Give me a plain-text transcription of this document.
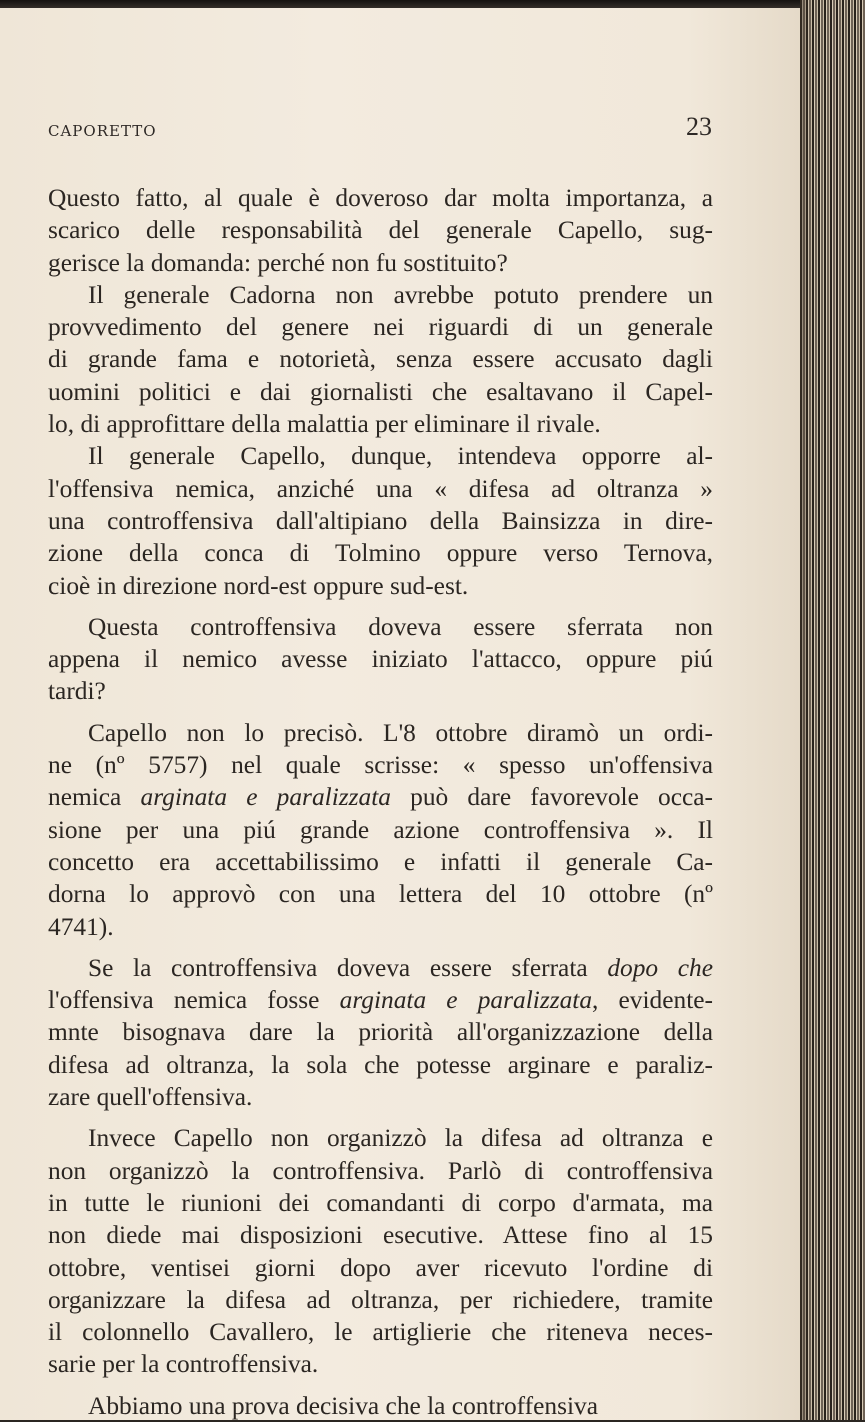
CAPORETTO	23
Questo fatto, al quale è doveroso dar molta importanza, a
scarico delle responsabilità del generale Capello, sug-
gerisce la domanda: perché non fu sostituito?
Il generale Cadorna non avrebbe potuto prendere un
provvedimento del genere nei riguardi di un generale
di grande fama e notorietà, senza essere accusato dagli
uomini politici e dai giornalisti che esaltavano il Capel-
lo, di approfittare della malattia per eliminare il rivale.
Il generale Capello, dunque, intendeva opporre al-
l'offensiva nemica, anziché una « difesa ad oltranza »
una controffensiva dall'altipiano della Bainsizza in dire-
zione della conca di Tolmino oppure verso Ternova,
cioè in direzione nord-est oppure sud-est.
Questa controffensiva doveva essere sferrata non
appena il nemico avesse iniziato l'attacco, oppure piú
tardi?
Capello non lo precisò. L'8 ottobre diramò un ordi-
ne (nº 5757) nel quale scrisse: « spesso un'offensiva
nemica arginata e paralizzata può dare favorevole occa-
sione per una piú grande azione controffensiva ». Il
concetto era accettabilissimo e infatti il generale Ca-
dorna lo approvò con una lettera del 10 ottobre (nº
4741).
Se la controffensiva doveva essere sferrata dopo che
l'offensiva nemica fosse arginata e paralizzata, evidente-
mnte bisognava dare la priorità all'organizzazione della
difesa ad oltranza, la sola che potesse arginare e paraliz-
zare quell'offensiva.
Invece Capello non organizzò la difesa ad oltranza e
non organizzò la controffensiva. Parlò di controffensiva
in tutte le riunioni dei comandanti di corpo d'armata, ma
non diede mai disposizioni esecutive. Attese fino al 15
ottobre, ventisei giorni dopo aver ricevuto l'ordine di
organizzare la difesa ad oltranza, per richiedere, tramite
il colonnello Cavallero, le artiglierie che riteneva neces-
sarie per la controffensiva.
Abbiamo una prova decisiva che la controffensiva
